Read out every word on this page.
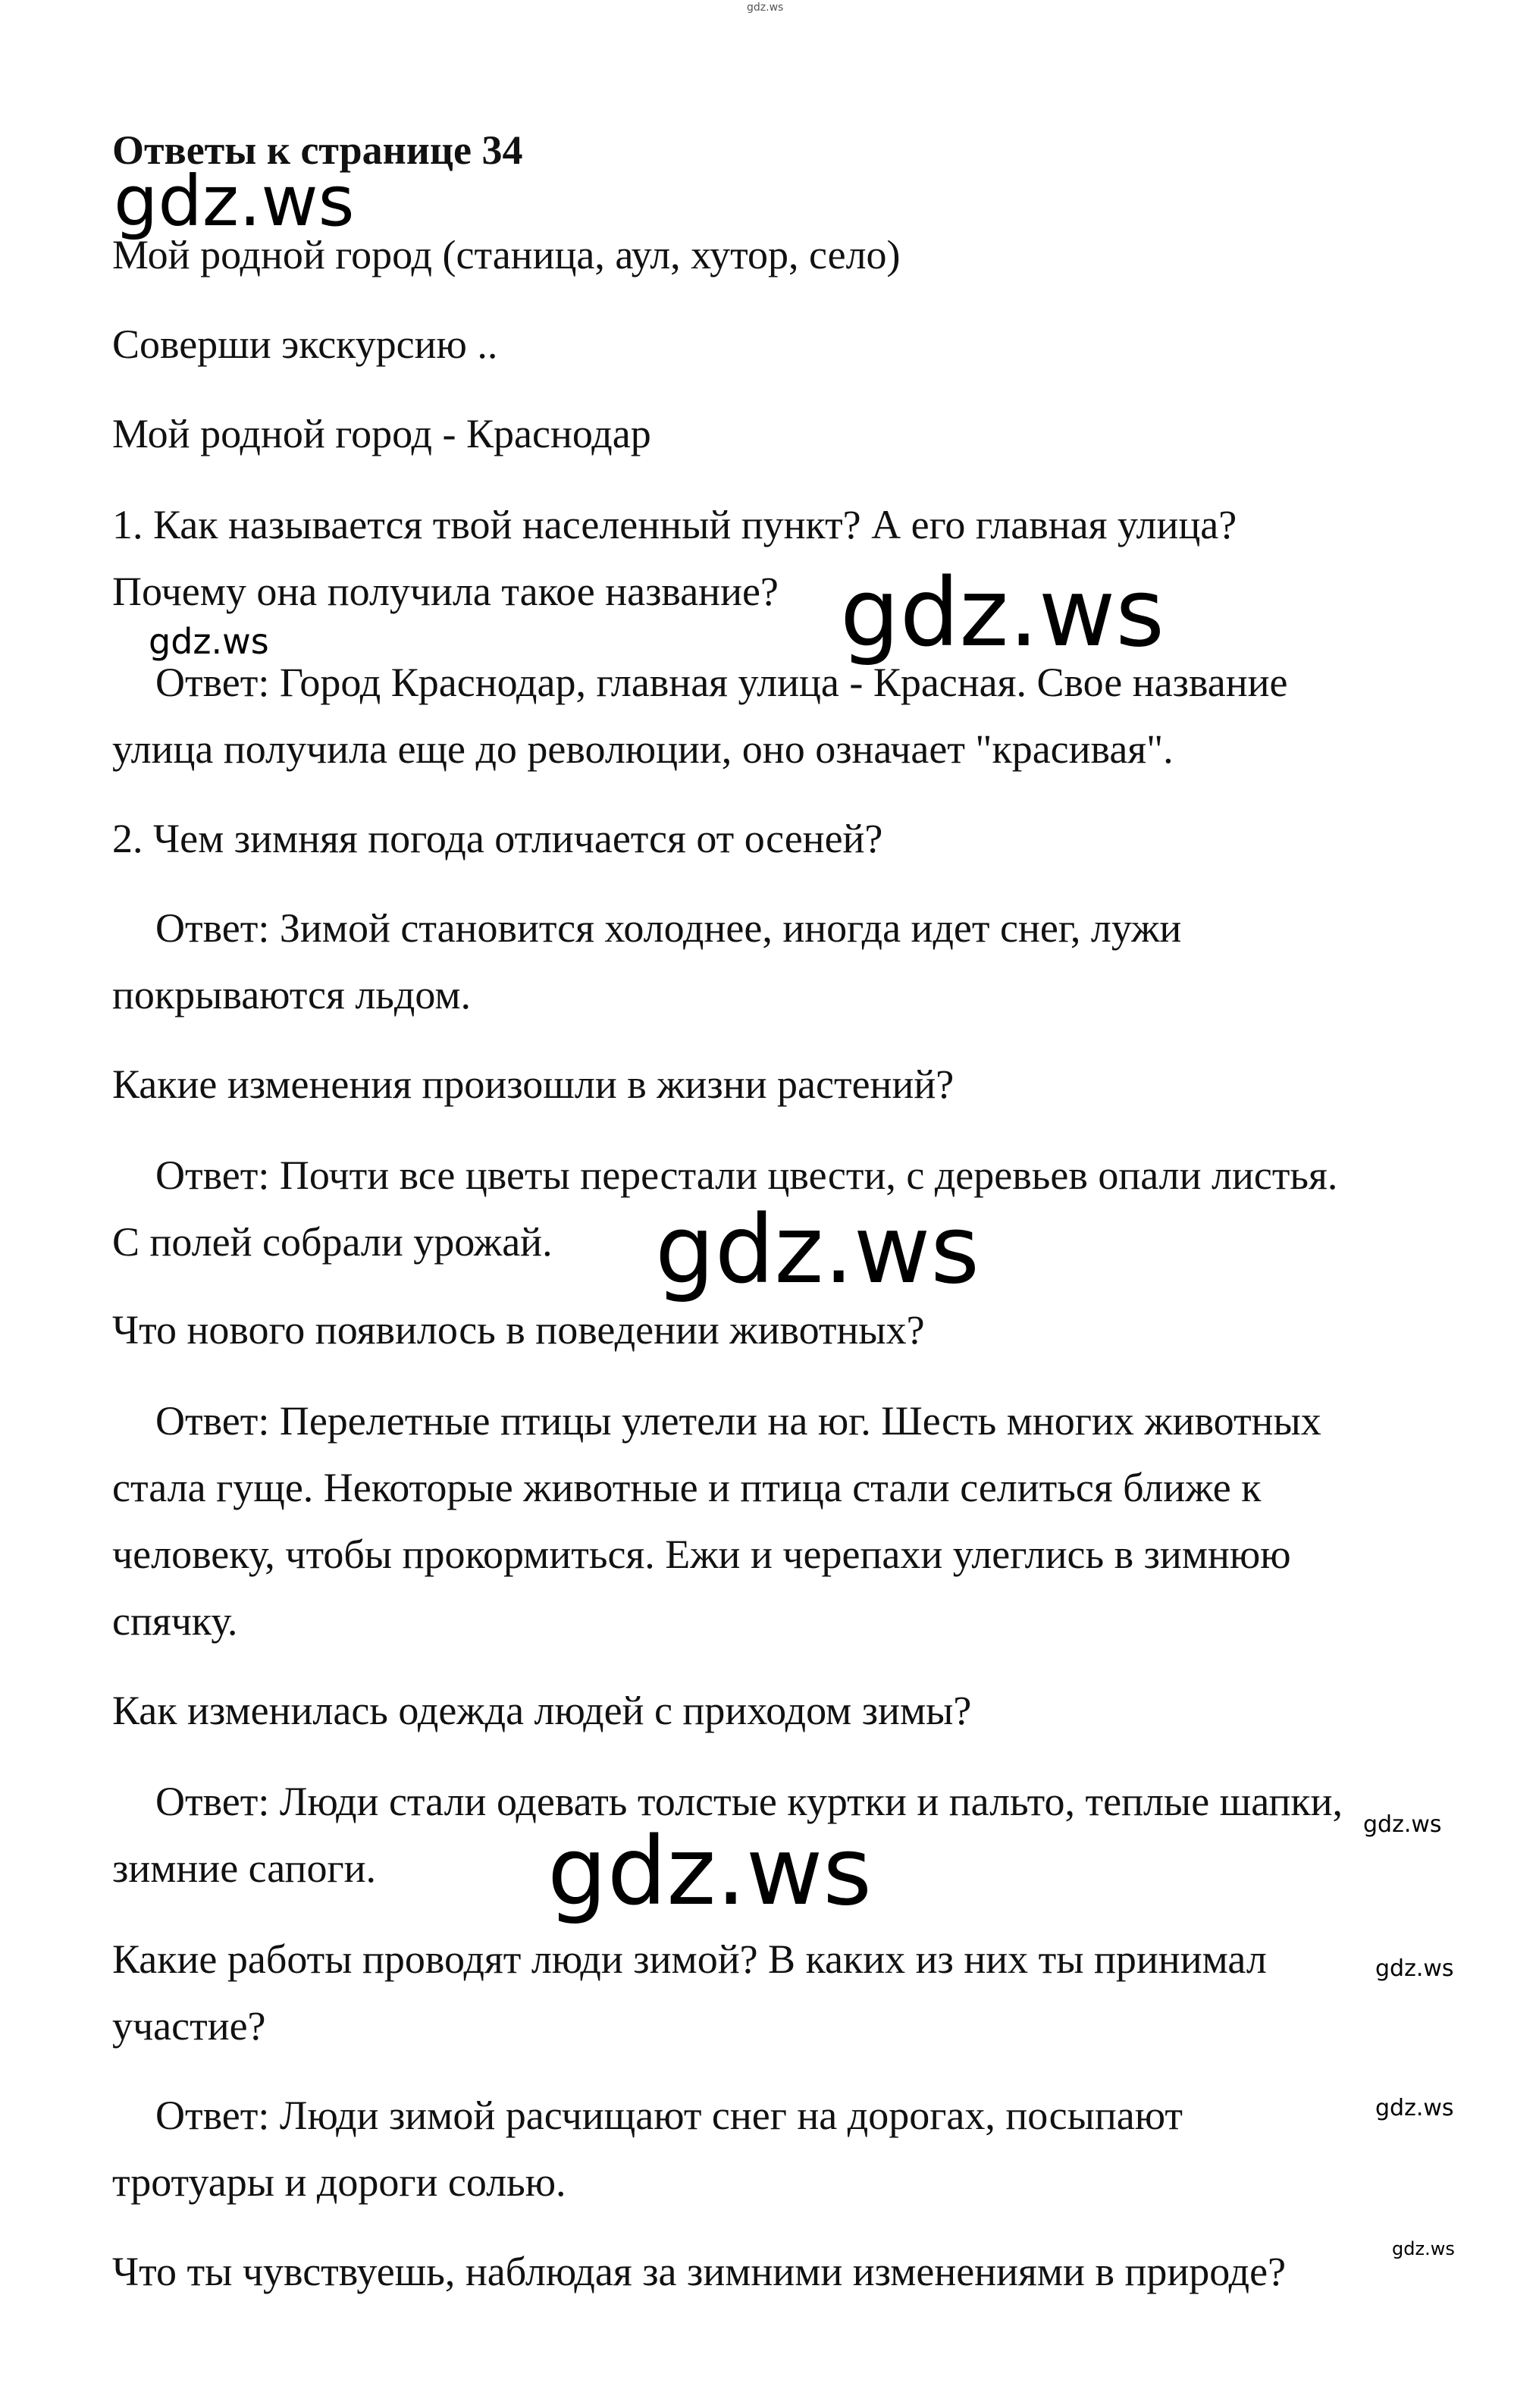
gdz.ws
Ответы к странице 34
gdz.ws
Мой родной город (станица, аул, хутор, село)
Соверши экскурсию ..
Мой родной город - Краснодар
1. Как называется твой населенный пункт? А его главная улица?
Почему она получила такое название? gdz.ws
gdz.ws
Ответ: Город Краснодар, главная улица - Красная. Свое название
улица получила еще до революции, оно означает "красивая".
2. Чем зимняя погода отличается от осеней?
Ответ: Зимой становится холоднее, иногда идет снег, лужи
покрываются льдом.
Какие изменения произошли в жизни растений?
Ответ: Почти все цветы перестали цвести, с деревьев опали листья.
С полей собрали урожай. gdz.ws
Что нового появилось в поведении животных?
Ответ: Перелетные птицы улетели на юг. Шесть многих животных
стала гуще. Некоторые животные и птица стали селиться ближе к
человеку, чтобы прокормиться. Ежи и черепахи улеглись в зимнюю
спячку.
Как изменилась одежда людей с приходом зимы?
Ответ: Люди стали одевать толстые куртки и пальто, теплые шапки,
gdz.ws
зимние сапоги. gdz.ws
Какие работы проводят люди зимой? В каких из них ты принимал	gdz.ws
участие?
Ответ: Люди зимой расчищают снег на дорогах, посыпают	gdz.ws
тротуары и дороги солью.
Что ты чувствуешь, наблюдая за зимними изменениями в природе?	gdz.ws
